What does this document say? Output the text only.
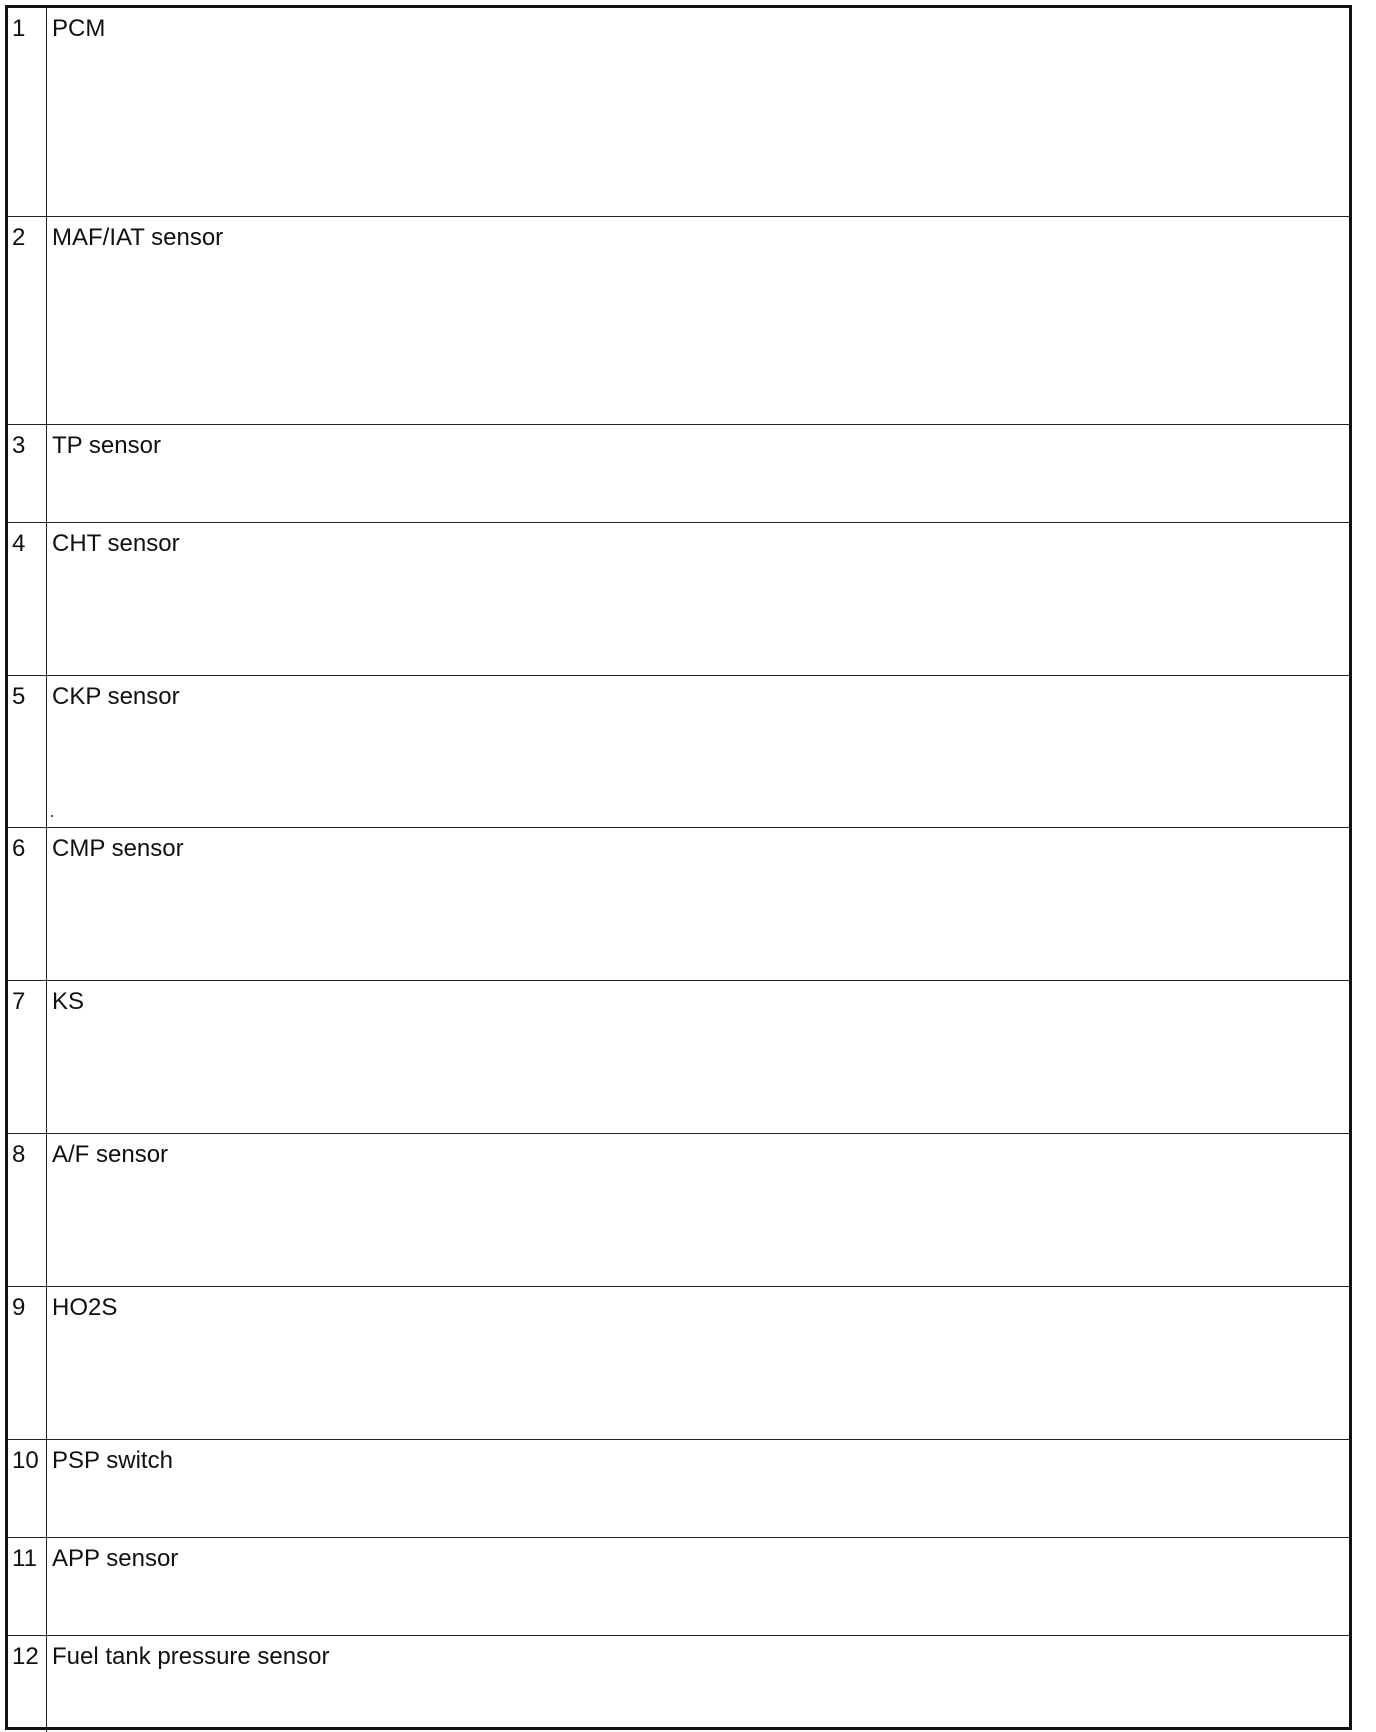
1	PCM

2	MAF/IAT sensor

3	TP sensor

4	CHT sensor

5	CKP sensor

6	CMP sensor

7	KS

8	A/F sensor

9	HO2S

10	PSP switch

11	APP sensor

12	Fuel tank pressure sensor
